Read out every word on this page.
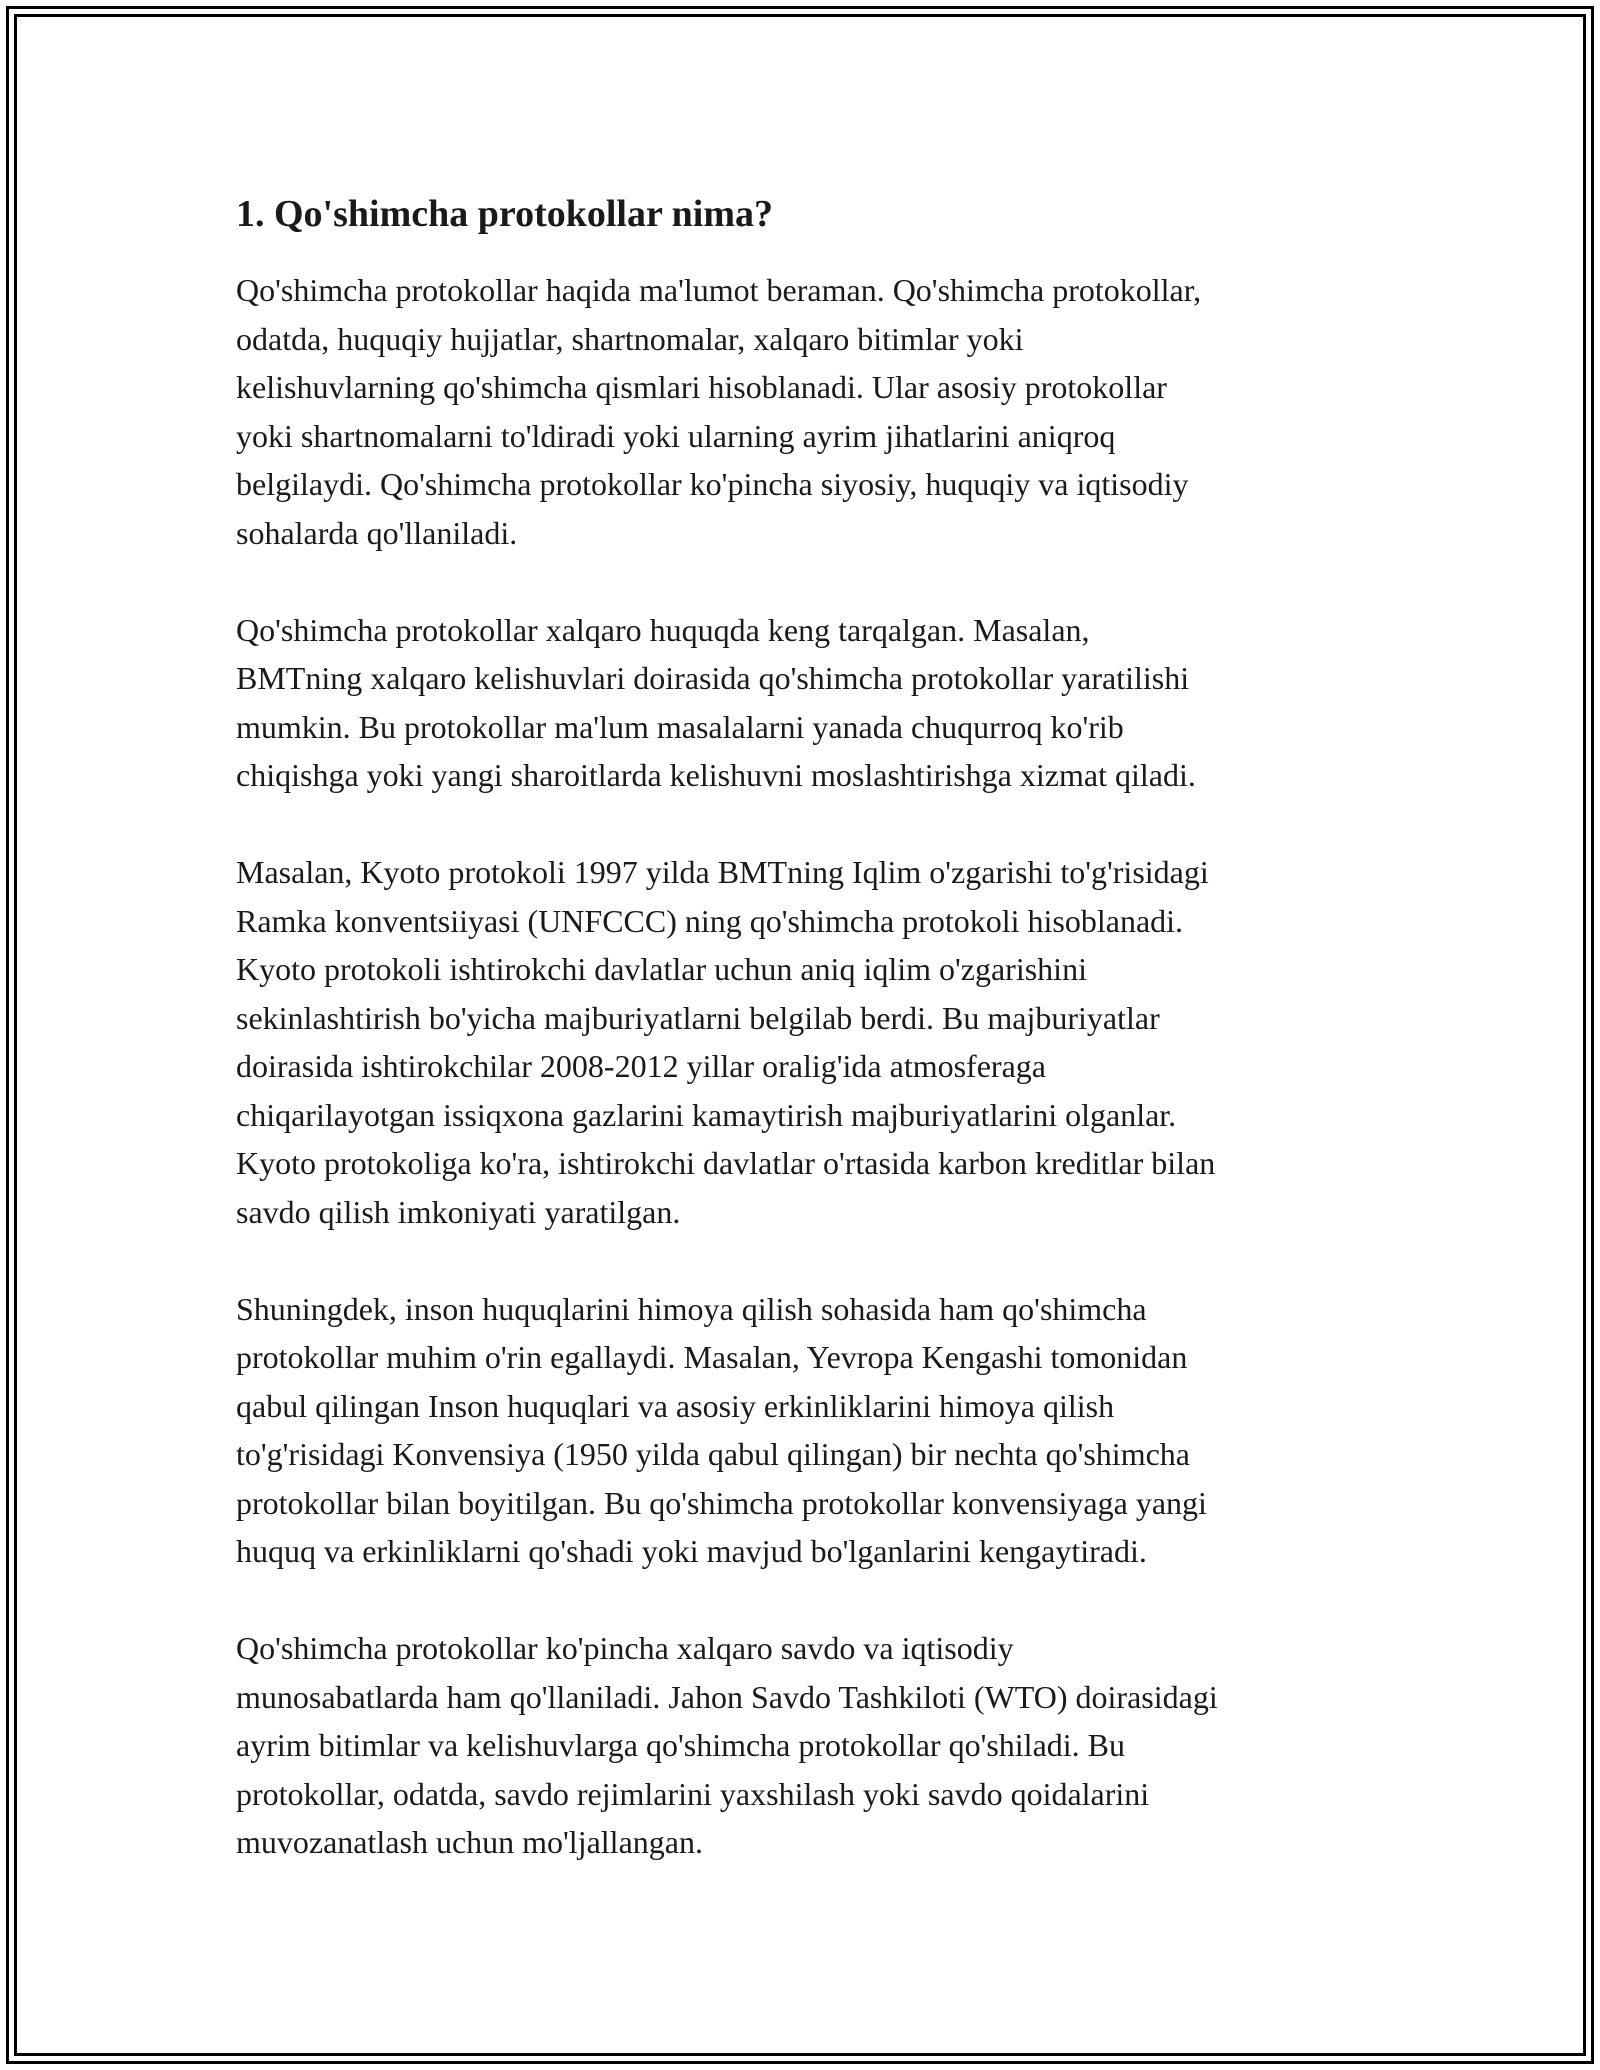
1. Qo'shimcha protokollar nima?

Qo'shimcha protokollar haqida ma'lumot beraman. Qo'shimcha protokollar,
odatda, huquqiy hujjatlar, shartnomalar, xalqaro bitimlar yoki
kelishuvlarning qo'shimcha qismlari hisoblanadi. Ular asosiy protokollar
yoki shartnomalarni to'ldiradi yoki ularning ayrim jihatlarini aniqroq
belgilaydi. Qo'shimcha protokollar ko'pincha siyosiy, huquqiy va iqtisodiy
sohalarda qo'llaniladi.

Qo'shimcha protokollar xalqaro huquqda keng tarqalgan. Masalan,
BMTning xalqaro kelishuvlari doirasida qo'shimcha protokollar yaratilishi
mumkin. Bu protokollar ma'lum masalalarni yanada chuqurroq ko'rib
chiqishga yoki yangi sharoitlarda kelishuvni moslashtirishga xizmat qiladi.

Masalan, Kyoto protokoli 1997 yilda BMTning Iqlim o'zgarishi to'g'risidagi
Ramka konventsiiyasi (UNFCCC) ning qo'shimcha protokoli hisoblanadi.
Kyoto protokoli ishtirokchi davlatlar uchun aniq iqlim o'zgarishini
sekinlashtirish bo'yicha majburiyatlarni belgilab berdi. Bu majburiyatlar
doirasida ishtirokchilar 2008-2012 yillar oralig'ida atmosferaga
chiqarilayotgan issiqxona gazlarini kamaytirish majburiyatlarini olganlar.
Kyoto protokoliga ko'ra, ishtirokchi davlatlar o'rtasida karbon kreditlar bilan
savdo qilish imkoniyati yaratilgan.

Shuningdek, inson huquqlarini himoya qilish sohasida ham qo'shimcha
protokollar muhim o'rin egallaydi. Masalan, Yevropa Kengashi tomonidan
qabul qilingan Inson huquqlari va asosiy erkinliklarini himoya qilish
to'g'risidagi Konvensiya (1950 yilda qabul qilingan) bir nechta qo'shimcha
protokollar bilan boyitilgan. Bu qo'shimcha protokollar konvensiyaga yangi
huquq va erkinliklarni qo'shadi yoki mavjud bo'lganlarini kengaytiradi.

Qo'shimcha protokollar ko'pincha xalqaro savdo va iqtisodiy
munosabatlarda ham qo'llaniladi. Jahon Savdo Tashkiloti (WTO) doirasidagi
ayrim bitimlar va kelishuvlarga qo'shimcha protokollar qo'shiladi. Bu
protokollar, odatda, savdo rejimlarini yaxshilash yoki savdo qoidalarini
muvozanatlash uchun mo'ljallangan.
